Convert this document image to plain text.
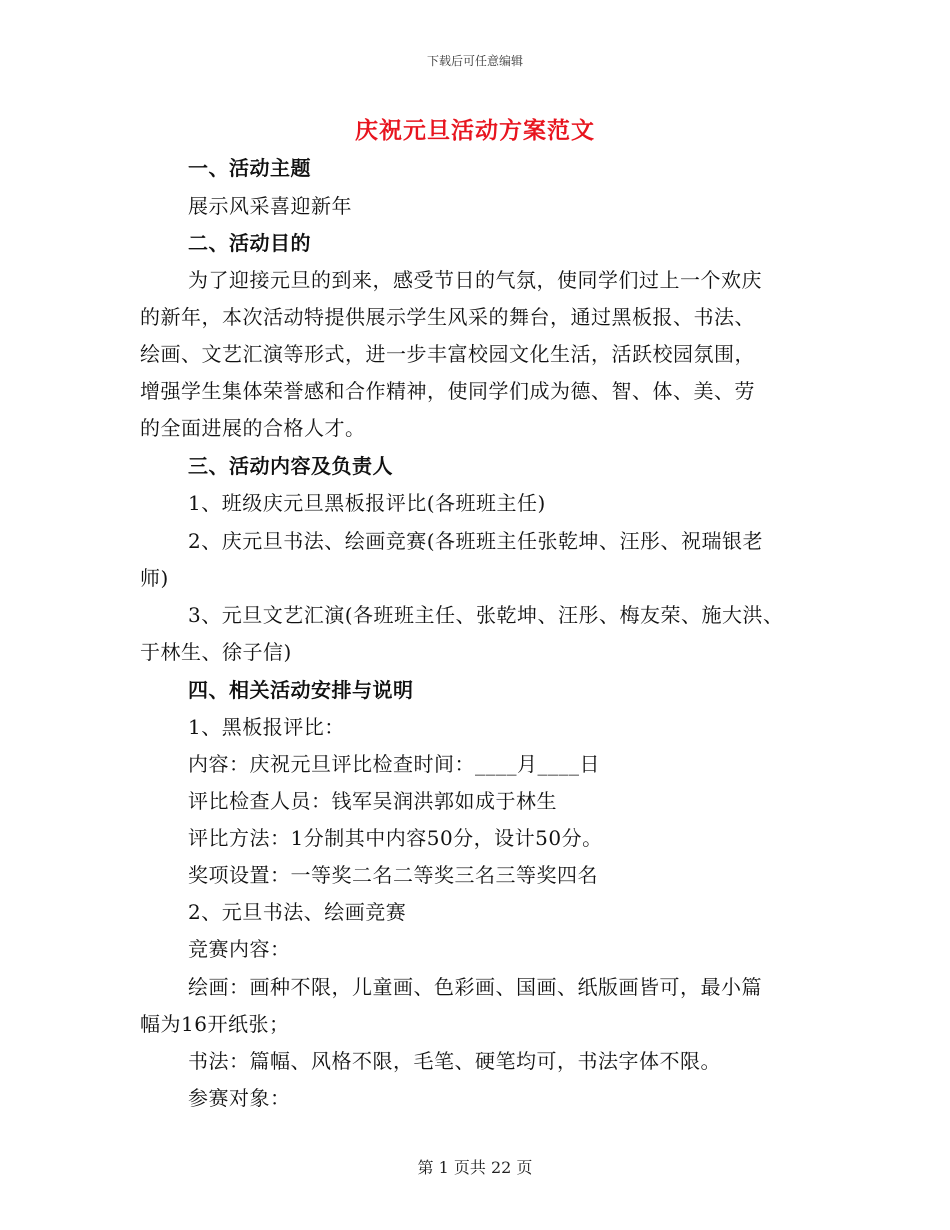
下载后可任意编辑
庆祝元旦活动方案范文
一、活动主题
展示风采喜迎新年
二、活动目的
为了迎接元旦的到来，感受节日的气氛，使同学们过上一个欢庆
的新年，本次活动特提供展示学生风采的舞台，通过黑板报、书法、
绘画、文艺汇演等形式，进一步丰富校园文化生活，活跃校园氛围，
增强学生集体荣誉感和合作精神，使同学们成为德、智、体、美、劳
的全面进展的合格人才。
三、活动内容及负责人
1、班级庆元旦黑板报评比(各班班主任)
2、庆元旦书法、绘画竞赛(各班班主任张乾坤、汪彤、祝瑞银老
师)
3、元旦文艺汇演(各班班主任、张乾坤、汪彤、梅友荣、施大洪、
于林生、徐子信)
四、相关活动安排与说明
1、黑板报评比：
内容：庆祝元旦评比检查时间：____月____日
评比检查人员：钱军吴润洪郭如成于林生
评比方法：1分制其中内容50分，设计50分。
奖项设置：一等奖二名二等奖三名三等奖四名
2、元旦书法、绘画竞赛
竞赛内容：
绘画：画种不限，儿童画、色彩画、国画、纸版画皆可，最小篇
幅为16开纸张；
书法：篇幅、风格不限，毛笔、硬笔均可，书法字体不限。
参赛对象：
第 1 页共 22 页
